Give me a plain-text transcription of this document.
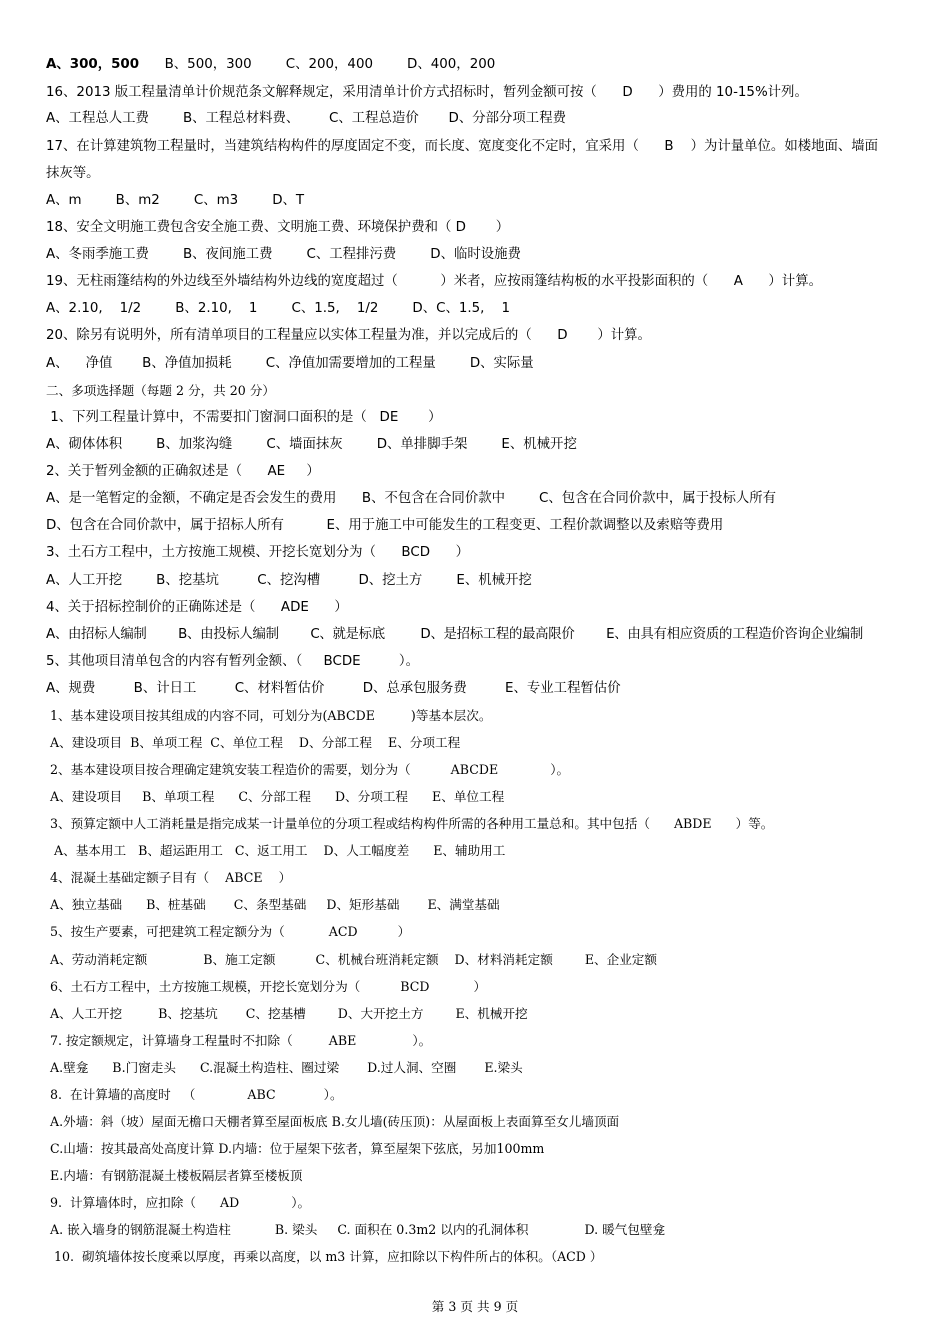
A、300，500      B、500，300        C、200，400        D、400，200
16、2013 版工程量清单计价规范条文解释规定，采用清单计价方式招标时，暂列金额可按（      D      ）费用的 10-15%计列。
A、工程总人工费        B、工程总材料费、       C、工程总造价       D、分部分项工程费
17、在计算建筑物工程量时，当建筑结构构件的厚度固定不变，而长度、宽度变化不定时，宜采用（      B    ）为计量单位。如楼地面、墙面
抹灰等。
A、m        B、m2        C、m3        D、T
18、安全文明施工费包含安全施工费、文明施工费、环境保护费和（ D       ）
A、冬雨季施工费        B、夜间施工费        C、工程排污费        D、临时设施费
19、无柱雨篷结构的外边线至外墙结构外边线的宽度超过（          ）米者，应按雨篷结构板的水平投影面积的（      A      ）计算。
A、2.10,    1/2        B、2.10,    1        C、1.5,    1/2        D、C、1.5,    1
20、除另有说明外，所有清单项目的工程量应以实体工程量为准，并以完成后的（      D       ）计算。
A、    净值       B、净值加损耗        C、净值加需要增加的工程量        D、实际量
二、多项选择题（每题 2 分，共 20 分）
1、下列工程量计算中，不需要扣门窗洞口面积的是（   DE       ）
A、砌体体积        B、加浆沟缝        C、墙面抹灰        D、单排脚手架        E、机械开挖
2、关于暂列金额的正确叙述是（      AE     ）
A、是一笔暂定的金额，不确定是否会发生的费用      B、不包含在合同价款中        C、包含在合同价款中，属于投标人所有
D、包含在合同价款中，属于招标人所有          E、用于施工中可能发生的工程变更、工程价款调整以及索赔等费用
3、土石方工程中，土方按施工规模、开挖长宽划分为（      BCD      ）
A、人工开挖        B、挖基坑         C、挖沟槽         D、挖土方        E、机械开挖
4、关于招标控制价的正确陈述是（      ADE      ）
A、由招标人编制        B、由投标人编制        C、就是标底         D、是招标工程的最高限价        E、由具有相应资质的工程造价咨询企业编制
5、其他项目清单包含的内容有暂列金额、（     BCDE         ）。
A、规费         B、计日工         C、材料暂估价         D、总承包服务费         E、专业工程暂估价
1、基本建设项目按其组成的内容不同，可划分为(ABCDE         )等基本层次。
A、建设项目  B、单项工程  C、单位工程    D、分部工程    E、分项工程
2、基本建设项目按合理确定建筑安装工程造价的需要，划分为（          ABCDE             ）。
A、建设项目     B、单项工程      C、分部工程      D、分项工程      E、单位工程
3、预算定额中人工消耗量是指完成某一计量单位的分项工程或结构构件所需的各种用工量总和。其中包括（      ABDE      ）等。
A、基本用工   B、超运距用工   C、返工用工    D、人工幅度差      E、辅助用工
4、混凝土基础定额子目有（    ABCE    ）
A、独立基础      B、桩基础       C、条型基础     D、矩形基础       E、满堂基础
5、按生产要素，可把建筑工程定额分为（           ACD          ）
A、劳动消耗定额              B、施工定额          C、机械台班消耗定额    D、材料消耗定额        E、企业定额
6、土石方工程中，土方按施工规模，开挖长宽划分为（          BCD           ）
A、人工开挖         B、挖基坑       C、挖基槽        D、大开挖土方        E、机械开挖
7. 按定额规定，计算墙身工程量时不扣除（         ABE              ）。
A.壁龛      B.门窗走头      C.混凝土构造柱、圈过梁       D.过人洞、空圈       E.梁头
8.  在计算墙的高度时   （             ABC            ）。
A.外墙：斜（坡）屋面无檐口天棚者算至屋面板底 B.女儿墙(砖压顶)：从屋面板上表面算至女儿墙顶面
C.山墙：按其最高处高度计算 D.内墙：位于屋架下弦者，算至屋架下弦底，另加100mm
E.内墙：有钢筋混凝土楼板隔层者算至楼板顶
9.  计算墙体时，应扣除（      AD             ）。
A. 嵌入墙身的钢筋混凝土构造柱           B. 梁头     C. 面积在 0.3m2 以内的孔洞体积              D. 暖气包壁龛
10.  砌筑墙体按长度乘以厚度，再乘以高度，以 m3 计算，应扣除以下构件所占的体积。（ACD ）
第 3 页 共 9 页
